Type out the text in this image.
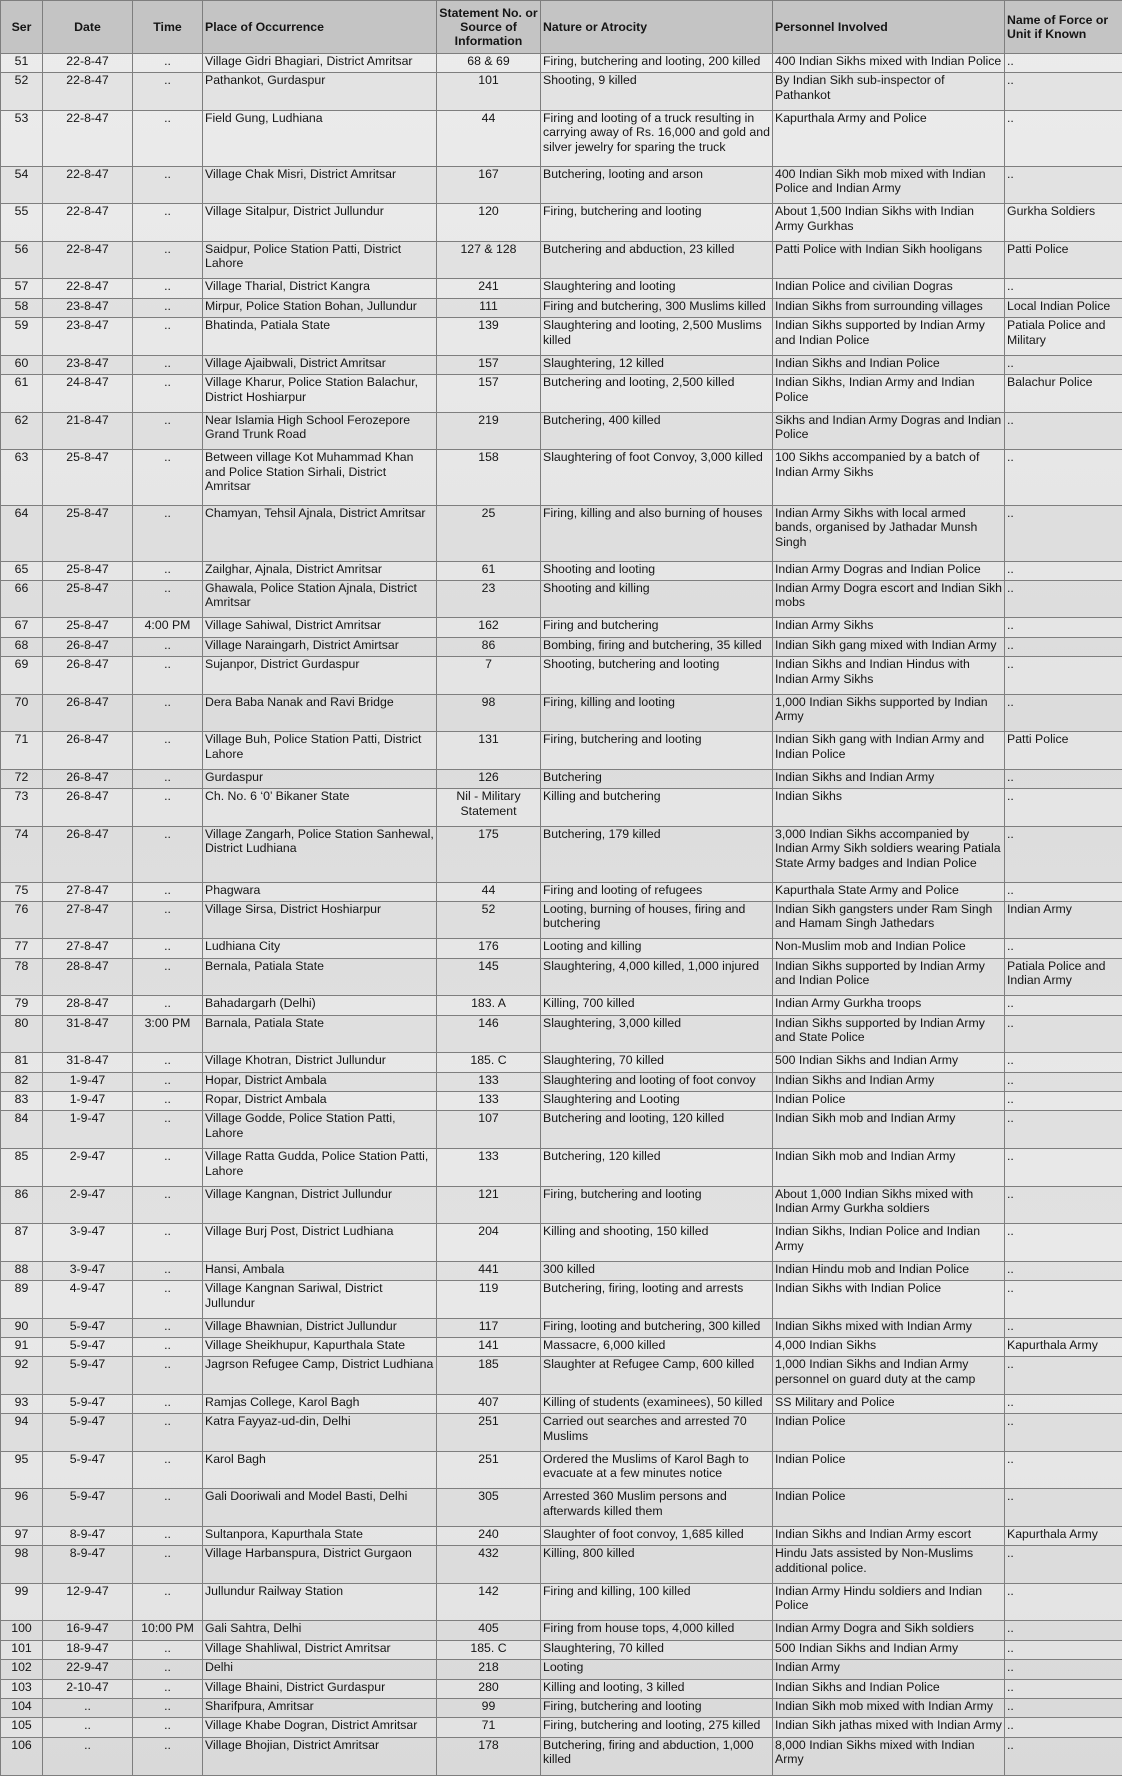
Ser	Date	Time	Place of Occurrence	Statement No. or Source of Information	Nature or Atrocity	Personnel Involved	Name of Force or Unit if Known
51	22-8-47	..	Village Gidri Bhagiari, District Amritsar	68 & 69	Firing, butchering and looting, 200 killed	400 Indian Sikhs mixed with Indian Police	..
52	22-8-47	..	Pathankot, Gurdaspur	101	Shooting, 9 killed	By Indian Sikh sub-inspector of Pathankot	..
53	22-8-47	..	Field Gung, Ludhiana	44	Firing and looting of a truck resulting in carrying away of Rs. 16,000 and gold and silver jewelry for sparing the truck	Kapurthala Army and Police	..
54	22-8-47	..	Village Chak Misri, District Amritsar	167	Butchering, looting and arson	400 Indian Sikh mob mixed with Indian Police and Indian Army	..
55	22-8-47	..	Village Sitalpur, District Jullundur	120	Firing, butchering and looting	About 1,500 Indian Sikhs with Indian Army Gurkhas	Gurkha Soldiers
56	22-8-47	..	Saidpur, Police Station Patti, District Lahore	127 & 128	Butchering and abduction, 23 killed	Patti Police with Indian Sikh hooligans	Patti Police
57	22-8-47	..	Village Tharial, District Kangra	241	Slaughtering and looting	Indian Police and civilian Dogras	..
58	23-8-47	..	Mirpur, Police Station Bohan, Jullundur	111	Firing and butchering, 300 Muslims killed	Indian Sikhs from surrounding villages	Local Indian Police
59	23-8-47	..	Bhatinda, Patiala State	139	Slaughtering and looting, 2,500 Muslims killed	Indian Sikhs supported by Indian Army and Indian Police	Patiala Police and Military
60	23-8-47	..	Village Ajaibwali, District Amritsar	157	Slaughtering, 12 killed	Indian Sikhs and Indian Police	..
61	24-8-47	..	Village Kharur, Police Station Balachur, District Hoshiarpur	157	Butchering and looting, 2,500 killed	Indian Sikhs, Indian Army and Indian Police	Balachur Police
62	21-8-47	..	Near Islamia High School Ferozepore Grand Trunk Road	219	Butchering, 400 killed	Sikhs and Indian Army Dogras and Indian Police	..
63	25-8-47	..	Between village Kot Muhammad Khan and Police Station Sirhali, District Amritsar	158	Slaughtering of foot Convoy, 3,000 killed	100 Sikhs accompanied by a batch of Indian Army Sikhs	..
64	25-8-47	..	Chamyan, Tehsil Ajnala, District Amritsar	25	Firing, killing and also burning of houses	Indian Army Sikhs with local armed bands, organised by Jathadar Munsh Singh	..
65	25-8-47	..	Zailghar, Ajnala, District Amritsar	61	Shooting and looting	Indian Army Dogras and Indian Police	..
66	25-8-47	..	Ghawala, Police Station Ajnala, District Amritsar	23	Shooting and killing	Indian Army Dogra escort and Indian Sikh mobs	..
67	25-8-47	4:00 PM	Village Sahiwal, District Amritsar	162	Firing and butchering	Indian Army Sikhs	..
68	26-8-47	..	Village Naraingarh, District Amirtsar	86	Bombing, firing and butchering, 35 killed	Indian Sikh gang mixed with Indian Army	..
69	26-8-47	..	Sujanpor, District Gurdaspur	7	Shooting, butchering and looting	Indian Sikhs and Indian Hindus with Indian Army Sikhs	..
70	26-8-47	..	Dera Baba Nanak and Ravi Bridge	98	Firing, killing and looting	1,000 Indian Sikhs supported by Indian Army	..
71	26-8-47	..	Village Buh, Police Station Patti, District Lahore	131	Firing, butchering and looting	Indian Sikh gang with Indian Army and Indian Police	Patti Police
72	26-8-47	..	Gurdaspur	126	Butchering	Indian Sikhs and Indian Army	..
73	26-8-47	..	Ch. No. 6 ‘0’ Bikaner State	Nil - Military Statement	Killing and butchering	Indian Sikhs	..
74	26-8-47	..	Village Zangarh, Police Station Sanhewal, District Ludhiana	175	Butchering, 179 killed	3,000 Indian Sikhs accompanied by Indian Army Sikh soldiers wearing Patiala State Army badges and Indian Police	..
75	27-8-47	..	Phagwara	44	Firing and looting of refugees	Kapurthala State Army and Police	..
76	27-8-47	..	Village Sirsa, District Hoshiarpur	52	Looting, burning of houses, firing and butchering	Indian Sikh gangsters under Ram Singh and Hamam Singh Jathedars	Indian Army
77	27-8-47	..	Ludhiana City	176	Looting and killing	Non-Muslim mob and Indian Police	..
78	28-8-47	..	Bernala, Patiala State	145	Slaughtering, 4,000 killed, 1,000 injured	Indian Sikhs supported by Indian Army and Indian Police	Patiala Police and Indian Army
79	28-8-47	..	Bahadargarh (Delhi)	183. A	Killing, 700 killed	Indian Army Gurkha troops	..
80	31-8-47	3:00 PM	Barnala, Patiala State	146	Slaughtering, 3,000 killed	Indian Sikhs supported by Indian Army and State Police	..
81	31-8-47	..	Village Khotran, District Jullundur	185. C	Slaughtering, 70 killed	500 Indian Sikhs and Indian Army	..
82	1-9-47	..	Hopar, District Ambala	133	Slaughtering and looting of foot convoy	Indian Sikhs and Indian Army	..
83	1-9-47	..	Ropar, District Ambala	133	Slaughtering and Looting	Indian Police	..
84	1-9-47	..	Village Godde, Police Station Patti, Lahore	107	Butchering and looting, 120 killed	Indian Sikh mob and Indian Army	..
85	2-9-47	..	Village Ratta Gudda, Police Station Patti, Lahore	133	Butchering, 120 killed	Indian Sikh mob and Indian Army	..
86	2-9-47	..	Village Kangnan, District Jullundur	121	Firing, butchering and looting	About 1,000 Indian Sikhs mixed with Indian Army Gurkha soldiers	..
87	3-9-47	..	Village Burj Post, District Ludhiana	204	Killing and shooting, 150 killed	Indian Sikhs, Indian Police and Indian Army	..
88	3-9-47	..	Hansi, Ambala	441	300 killed	Indian Hindu mob and Indian Police	..
89	4-9-47	..	Village Kangnan Sariwal, District Jullundur	119	Butchering, firing, looting and arrests	Indian Sikhs with Indian Police	..
90	5-9-47	..	Village Bhawnian, District Jullundur	117	Firing, looting and butchering, 300 killed	Indian Sikhs mixed with Indian Army	..
91	5-9-47	..	Village Sheikhupur, Kapurthala State	141	Massacre, 6,000 killed	4,000 Indian Sikhs	Kapurthala Army
92	5-9-47	..	Jagrson Refugee Camp, District Ludhiana	185	Slaughter at Refugee Camp, 600 killed	1,000 Indian Sikhs and Indian Army personnel on guard duty at the camp	..
93	5-9-47	..	Ramjas College, Karol Bagh	407	Killing of students (examinees), 50 killed	SS Military and Police	..
94	5-9-47	..	Katra Fayyaz-ud-din, Delhi	251	Carried out searches and arrested 70 Muslims	Indian Police	..
95	5-9-47	..	Karol Bagh	251	Ordered the Muslims of Karol Bagh to evacuate at a few minutes notice	Indian Police	..
96	5-9-47	..	Gali Dooriwali and Model Basti, Delhi	305	Arrested 360 Muslim persons and afterwards killed them	Indian Police	..
97	8-9-47	..	Sultanpora, Kapurthala State	240	Slaughter of foot convoy, 1,685 killed	Indian Sikhs and Indian Army escort	Kapurthala Army
98	8-9-47	..	Village Harbanspura, District Gurgaon	432	Killing, 800 killed	Hindu Jats assisted by Non-Muslims additional police.	..
99	12-9-47	..	Jullundur Railway Station	142	Firing and killing, 100 killed	Indian Army Hindu soldiers and Indian Police	..
100	16-9-47	10:00 PM	Gali Sahtra, Delhi	405	Firing from house tops, 4,000 killed	Indian Army Dogra and Sikh soldiers	..
101	18-9-47	..	Village Shahliwal, District Amritsar	185. C	Slaughtering, 70 killed	500 Indian Sikhs and Indian Army	..
102	22-9-47	..	Delhi	218	Looting	Indian Army	..
103	2-10-47	..	Village Bhaini, District Gurdaspur	280	Killing and looting, 3 killed	Indian Sikhs and Indian Police	..
104	..	..	Sharifpura, Amritsar	99	Firing, butchering and looting	Indian Sikh mob mixed with Indian Army	..
105	..	..	Village Khabe Dogran, District Amritsar	71	Firing, butchering and looting, 275 killed	Indian Sikh jathas mixed with Indian Army	..
106	..	..	Village Bhojian, District Amritsar	178	Butchering, firing and abduction, 1,000 killed	8,000 Indian Sikhs mixed with Indian Army	..
